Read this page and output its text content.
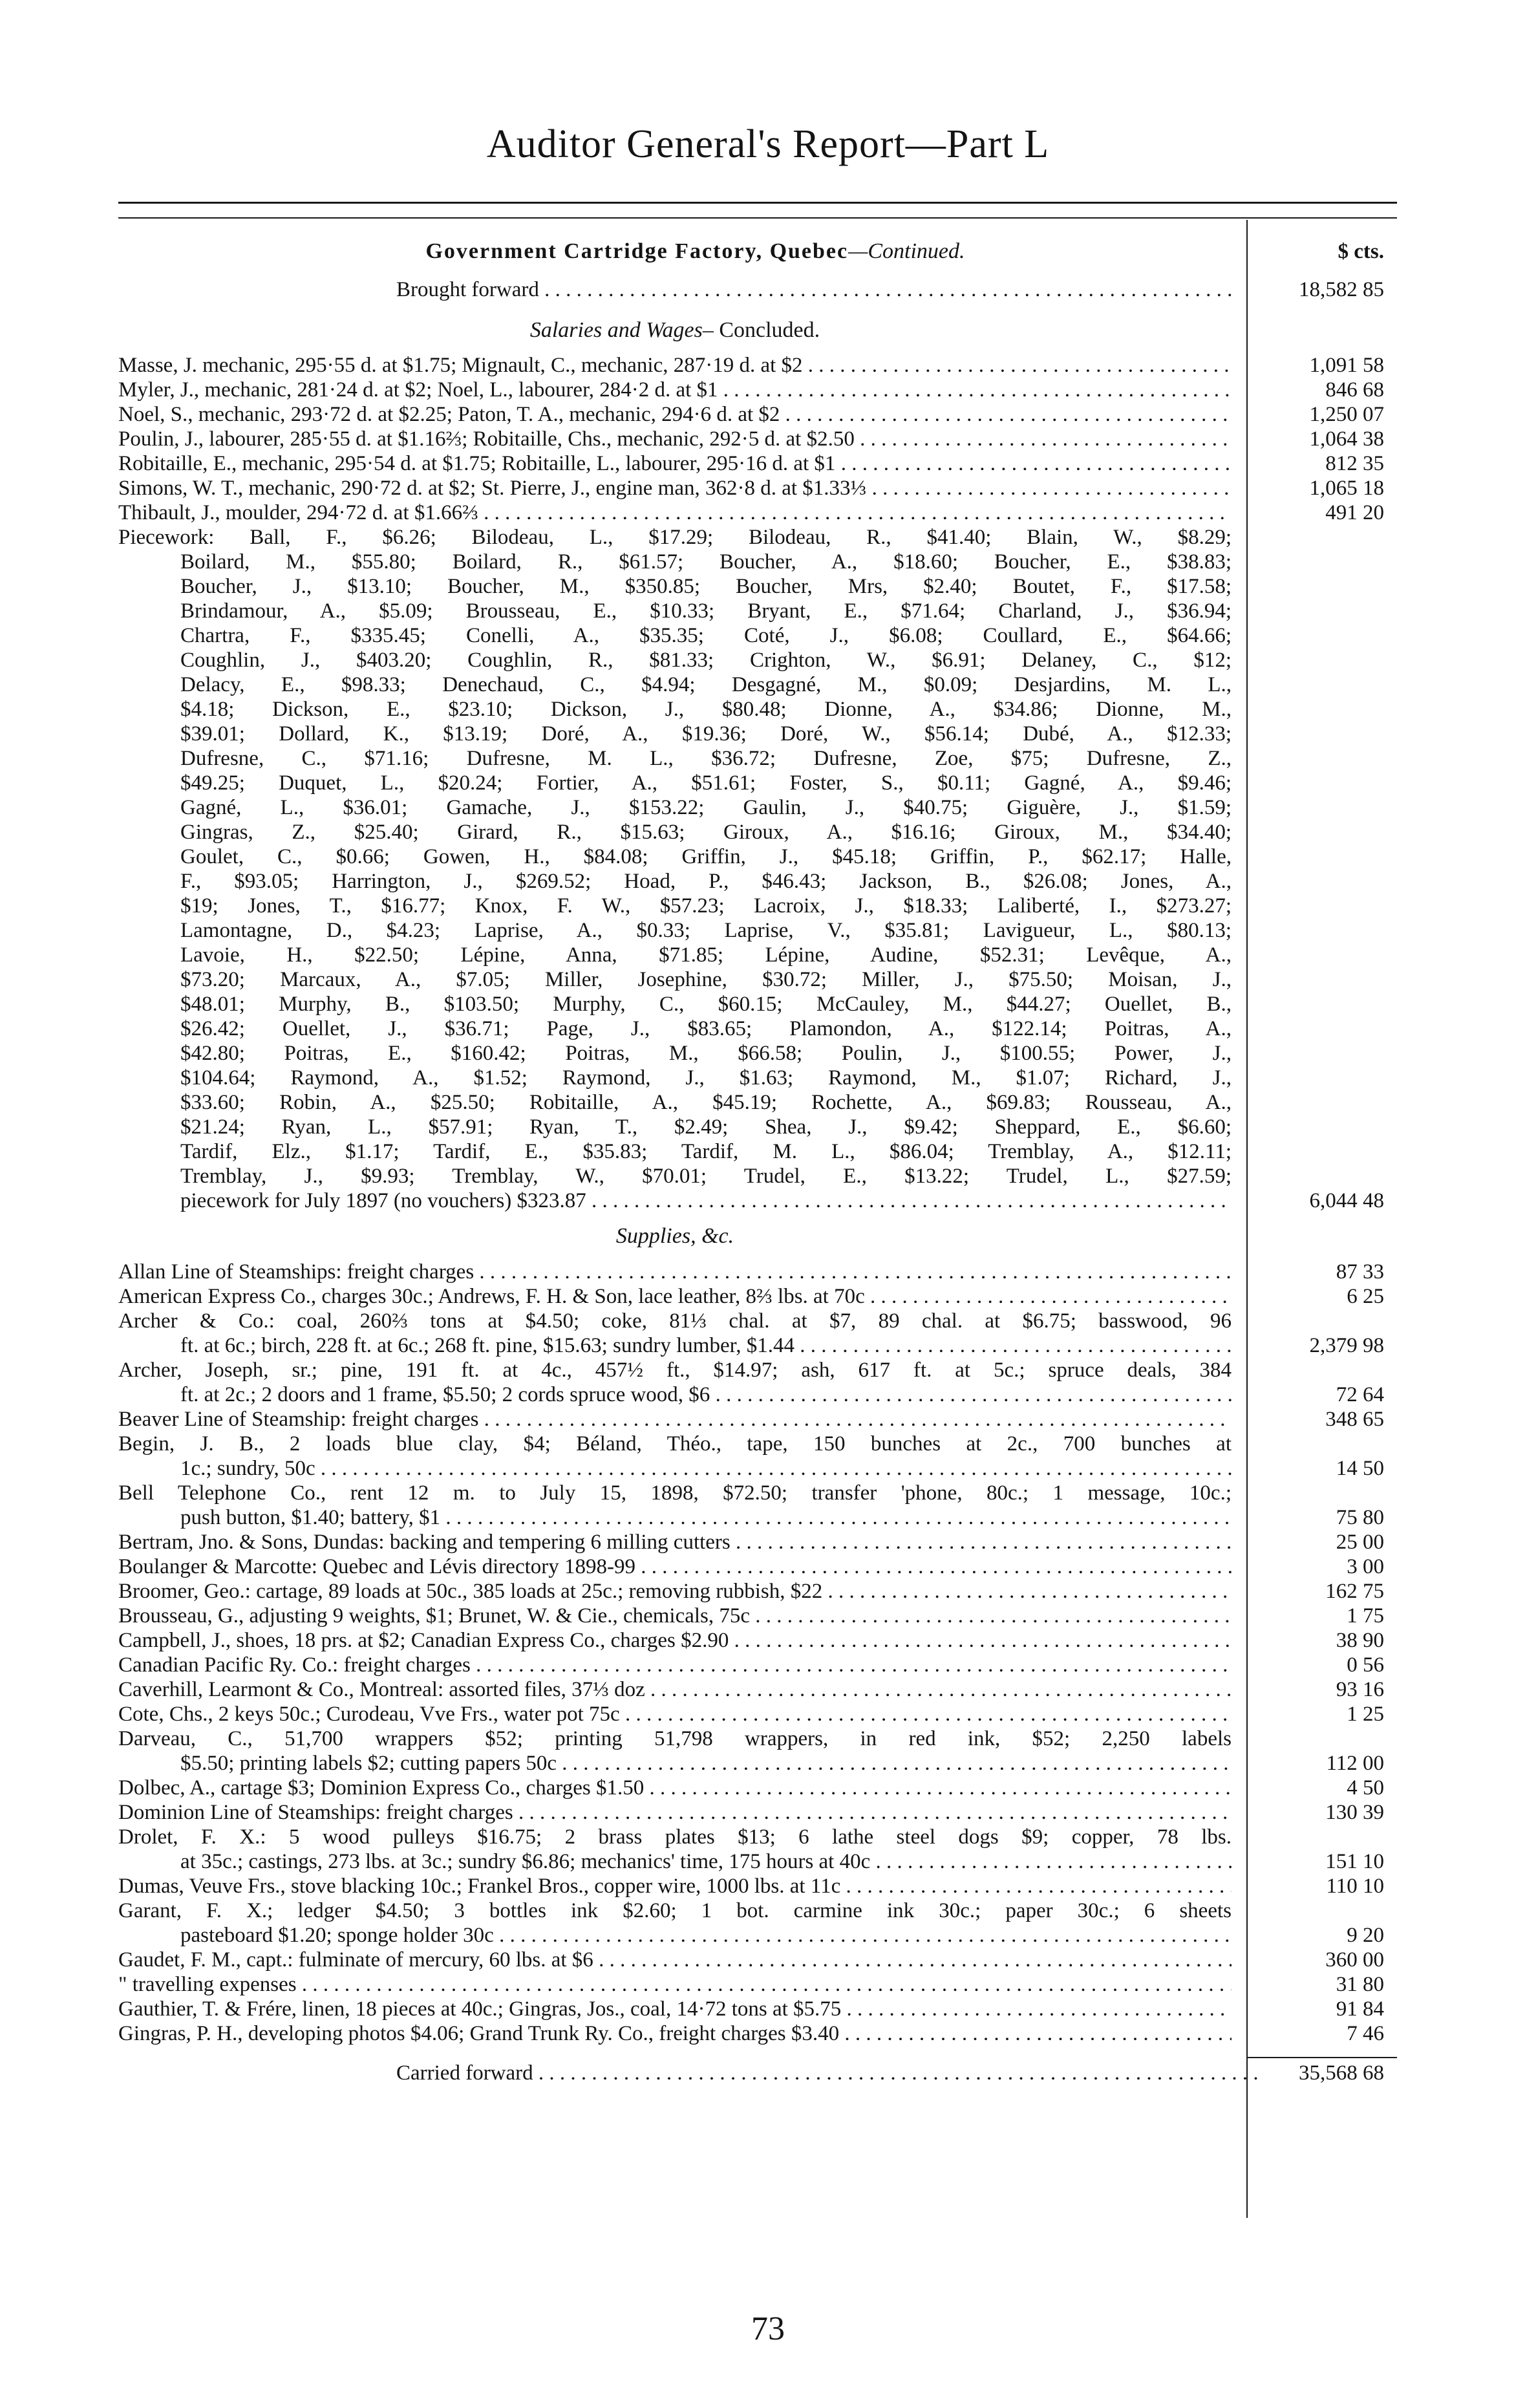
Auditor General's Report—Part L

Government Cartridge Factory, Quebec—Continued.
	$ cts.
Brought forward . . .	18,582 85
Salaries and Wages– Concluded.
Masse, J. mechanic, 295·55 d. at $1.75; Mignault, C., mechanic, 287·19 d. at $2 . . .	1,091 58
Myler, J., mechanic, 281·24 d. at $2; Noel, L., labourer, 284·2 d. at $1 . . .	846 68
Noel, S., mechanic, 293·72 d. at $2.25; Paton, T. A., mechanic, 294·6 d. at $2 . . .	1,250 07
Poulin, J., labourer, 285·55 d. at $1.16⅔; Robitaille, Chs., mechanic, 292·5 d. at $2.50 . . .	1,064 38
Robitaille, E., mechanic, 295·54 d. at $1.75; Robitaille, L., labourer, 295·16 d. at $1 . . .	812 35
Simons, W. T., mechanic, 290·72 d. at $2; St. Pierre, J., engine man, 362·8 d. at $1.33⅓ . . .	1,065 18
Thibault, J., moulder, 294·72 d. at $1.66⅔ . . .	491 20
Piecework: Ball, F., $6.26; Bilodeau, L., $17.29; Bilodeau, R., $41.40; Blain, W., $8.29;
Boilard, M., $55.80; Boilard, R., $61.57; Boucher, A., $18.60; Boucher, E., $38.83;
Boucher, J., $13.10; Boucher, M., $350.85; Boucher, Mrs, $2.40; Boutet, F., $17.58;
Brindamour, A., $5.09; Brousseau, E., $10.33; Bryant, E., $71.64; Charland, J., $36.94;
Chartra, F., $335.45; Conelli, A., $35.35; Coté, J., $6.08; Coullard, E., $64.66;
Coughlin, J., $403.20; Coughlin, R., $81.33; Crighton, W., $6.91; Delaney, C., $12;
Delacy, E., $98.33; Denechaud, C., $4.94; Desgagné, M., $0.09; Desjardins, M. L.,
$4.18; Dickson, E., $23.10; Dickson, J., $80.48; Dionne, A., $34.86; Dionne, M.,
$39.01; Dollard, K., $13.19; Doré, A., $19.36; Doré, W., $56.14; Dubé, A., $12.33;
Dufresne, C., $71.16; Dufresne, M. L., $36.72; Dufresne, Zoe, $75; Dufresne, Z.,
$49.25; Duquet, L., $20.24; Fortier, A., $51.61; Foster, S., $0.11; Gagné, A., $9.46;
Gagné, L., $36.01; Gamache, J., $153.22; Gaulin, J., $40.75; Giguère, J., $1.59;
Gingras, Z., $25.40; Girard, R., $15.63; Giroux, A., $16.16; Giroux, M., $34.40;
Goulet, C., $0.66; Gowen, H., $84.08; Griffin, J., $45.18; Griffin, P., $62.17; Halle,
F., $93.05; Harrington, J., $269.52; Hoad, P., $46.43; Jackson, B., $26.08; Jones, A.,
$19; Jones, T., $16.77; Knox, F. W., $57.23; Lacroix, J., $18.33; Laliberté, I., $273.27;
Lamontagne, D., $4.23; Laprise, A., $0.33; Laprise, V., $35.81; Lavigueur, L., $80.13;
Lavoie, H., $22.50; Lépine, Anna, $71.85; Lépine, Audine, $52.31; Levêque, A.,
$73.20; Marcaux, A., $7.05; Miller, Josephine, $30.72; Miller, J., $75.50; Moisan, J.,
$48.01; Murphy, B., $103.50; Murphy, C., $60.15; McCauley, M., $44.27; Ouellet, B.,
$26.42; Ouellet, J., $36.71; Page, J., $83.65; Plamondon, A., $122.14; Poitras, A.,
$42.80; Poitras, E., $160.42; Poitras, M., $66.58; Poulin, J., $100.55; Power, J.,
$104.64; Raymond, A., $1.52; Raymond, J., $1.63; Raymond, M., $1.07; Richard, J.,
$33.60; Robin, A., $25.50; Robitaille, A., $45.19; Rochette, A., $69.83; Rousseau, A.,
$21.24; Ryan, L., $57.91; Ryan, T., $2.49; Shea, J., $9.42; Sheppard, E., $6.60;
Tardif, Elz., $1.17; Tardif, E., $35.83; Tardif, M. L., $86.04; Tremblay, A., $12.11;
Tremblay, J., $9.93; Tremblay, W., $70.01; Trudel, E., $13.22; Trudel, L., $27.59;
piecework for July 1897 (no vouchers) $323.87 . . .	6,044 48
Supplies, &c.
Allan Line of Steamships: freight charges . . .	87 33
American Express Co., charges 30c.; Andrews, F. H. & Son, lace leather, 8⅔ lbs. at 70c . . .	6 25
Archer & Co.: coal, 260⅔ tons at $4.50; coke, 81⅓ chal. at $7, 89 chal. at $6.75; basswood, 96
ft. at 6c.; birch, 228 ft. at 6c.; 268 ft. pine, $15.63; sundry lumber, $1.44 . . .	2,379 98
Archer, Joseph, sr.; pine, 191 ft. at 4c., 457½ ft., $14.97; ash, 617 ft. at 5c.; spruce deals, 384
ft. at 2c.; 2 doors and 1 frame, $5.50; 2 cords spruce wood, $6 . . .	72 64
Beaver Line of Steamship: freight charges . . .	348 65
Begin, J. B., 2 loads blue clay, $4; Béland, Théo., tape, 150 bunches at 2c., 700 bunches at
1c.; sundry, 50c . . .	14 50
Bell Telephone Co., rent 12 m. to July 15, 1898, $72.50; transfer 'phone, 80c.; 1 message, 10c.;
push button, $1.40; battery, $1 . . .	75 80
Bertram, Jno. & Sons, Dundas: backing and tempering 6 milling cutters . . .	25 00
Boulanger & Marcotte: Quebec and Lévis directory 1898-99 . . .	3 00
Broomer, Geo.: cartage, 89 loads at 50c., 385 loads at 25c.; removing rubbish, $22 . . .	162 75
Brousseau, G., adjusting 9 weights, $1; Brunet, W. & Cie., chemicals, 75c . . .	1 75
Campbell, J., shoes, 18 prs. at $2; Canadian Express Co., charges $2.90 . . .	38 90
Canadian Pacific Ry. Co.: freight charges . . .	0 56
Caverhill, Learmont & Co., Montreal: assorted files, 37⅓ doz . . .	93 16
Cote, Chs., 2 keys 50c.; Curodeau, Vve Frs., water pot 75c . . .	1 25
Darveau, C., 51,700 wrappers $52; printing 51,798 wrappers, in red ink, $52; 2,250 labels
$5.50; printing labels $2; cutting papers 50c . . .	112 00
Dolbec, A., cartage $3; Dominion Express Co., charges $1.50 . . .	4 50
Dominion Line of Steamships: freight charges . . .	130 39
Drolet, F. X.: 5 wood pulleys $16.75; 2 brass plates $13; 6 lathe steel dogs $9; copper, 78 lbs.
at 35c.; castings, 273 lbs. at 3c.; sundry $6.86; mechanics' time, 175 hours at 40c . . .	151 10
Dumas, Veuve Frs., stove blacking 10c.; Frankel Bros., copper wire, 1000 lbs. at 11c . . .	110 10
Garant, F. X.; ledger $4.50; 3 bottles ink $2.60; 1 bot. carmine ink 30c.; paper 30c.; 6 sheets
pasteboard $1.20; sponge holder 30c . . .	9 20
Gaudet, F. M., capt.: fulminate of mercury, 60 lbs. at $6 . . .	360 00
" travelling expenses . . .	31 80
Gauthier, T. & Frére, linen, 18 pieces at 40c.; Gingras, Jos., coal, 14·72 tons at $5.75 . . .	91 84
Gingras, P. H., developing photos $4.06; Grand Trunk Ry. Co., freight charges $3.40 . . .	7 46
Carried forward . . .	35,568 68
73
